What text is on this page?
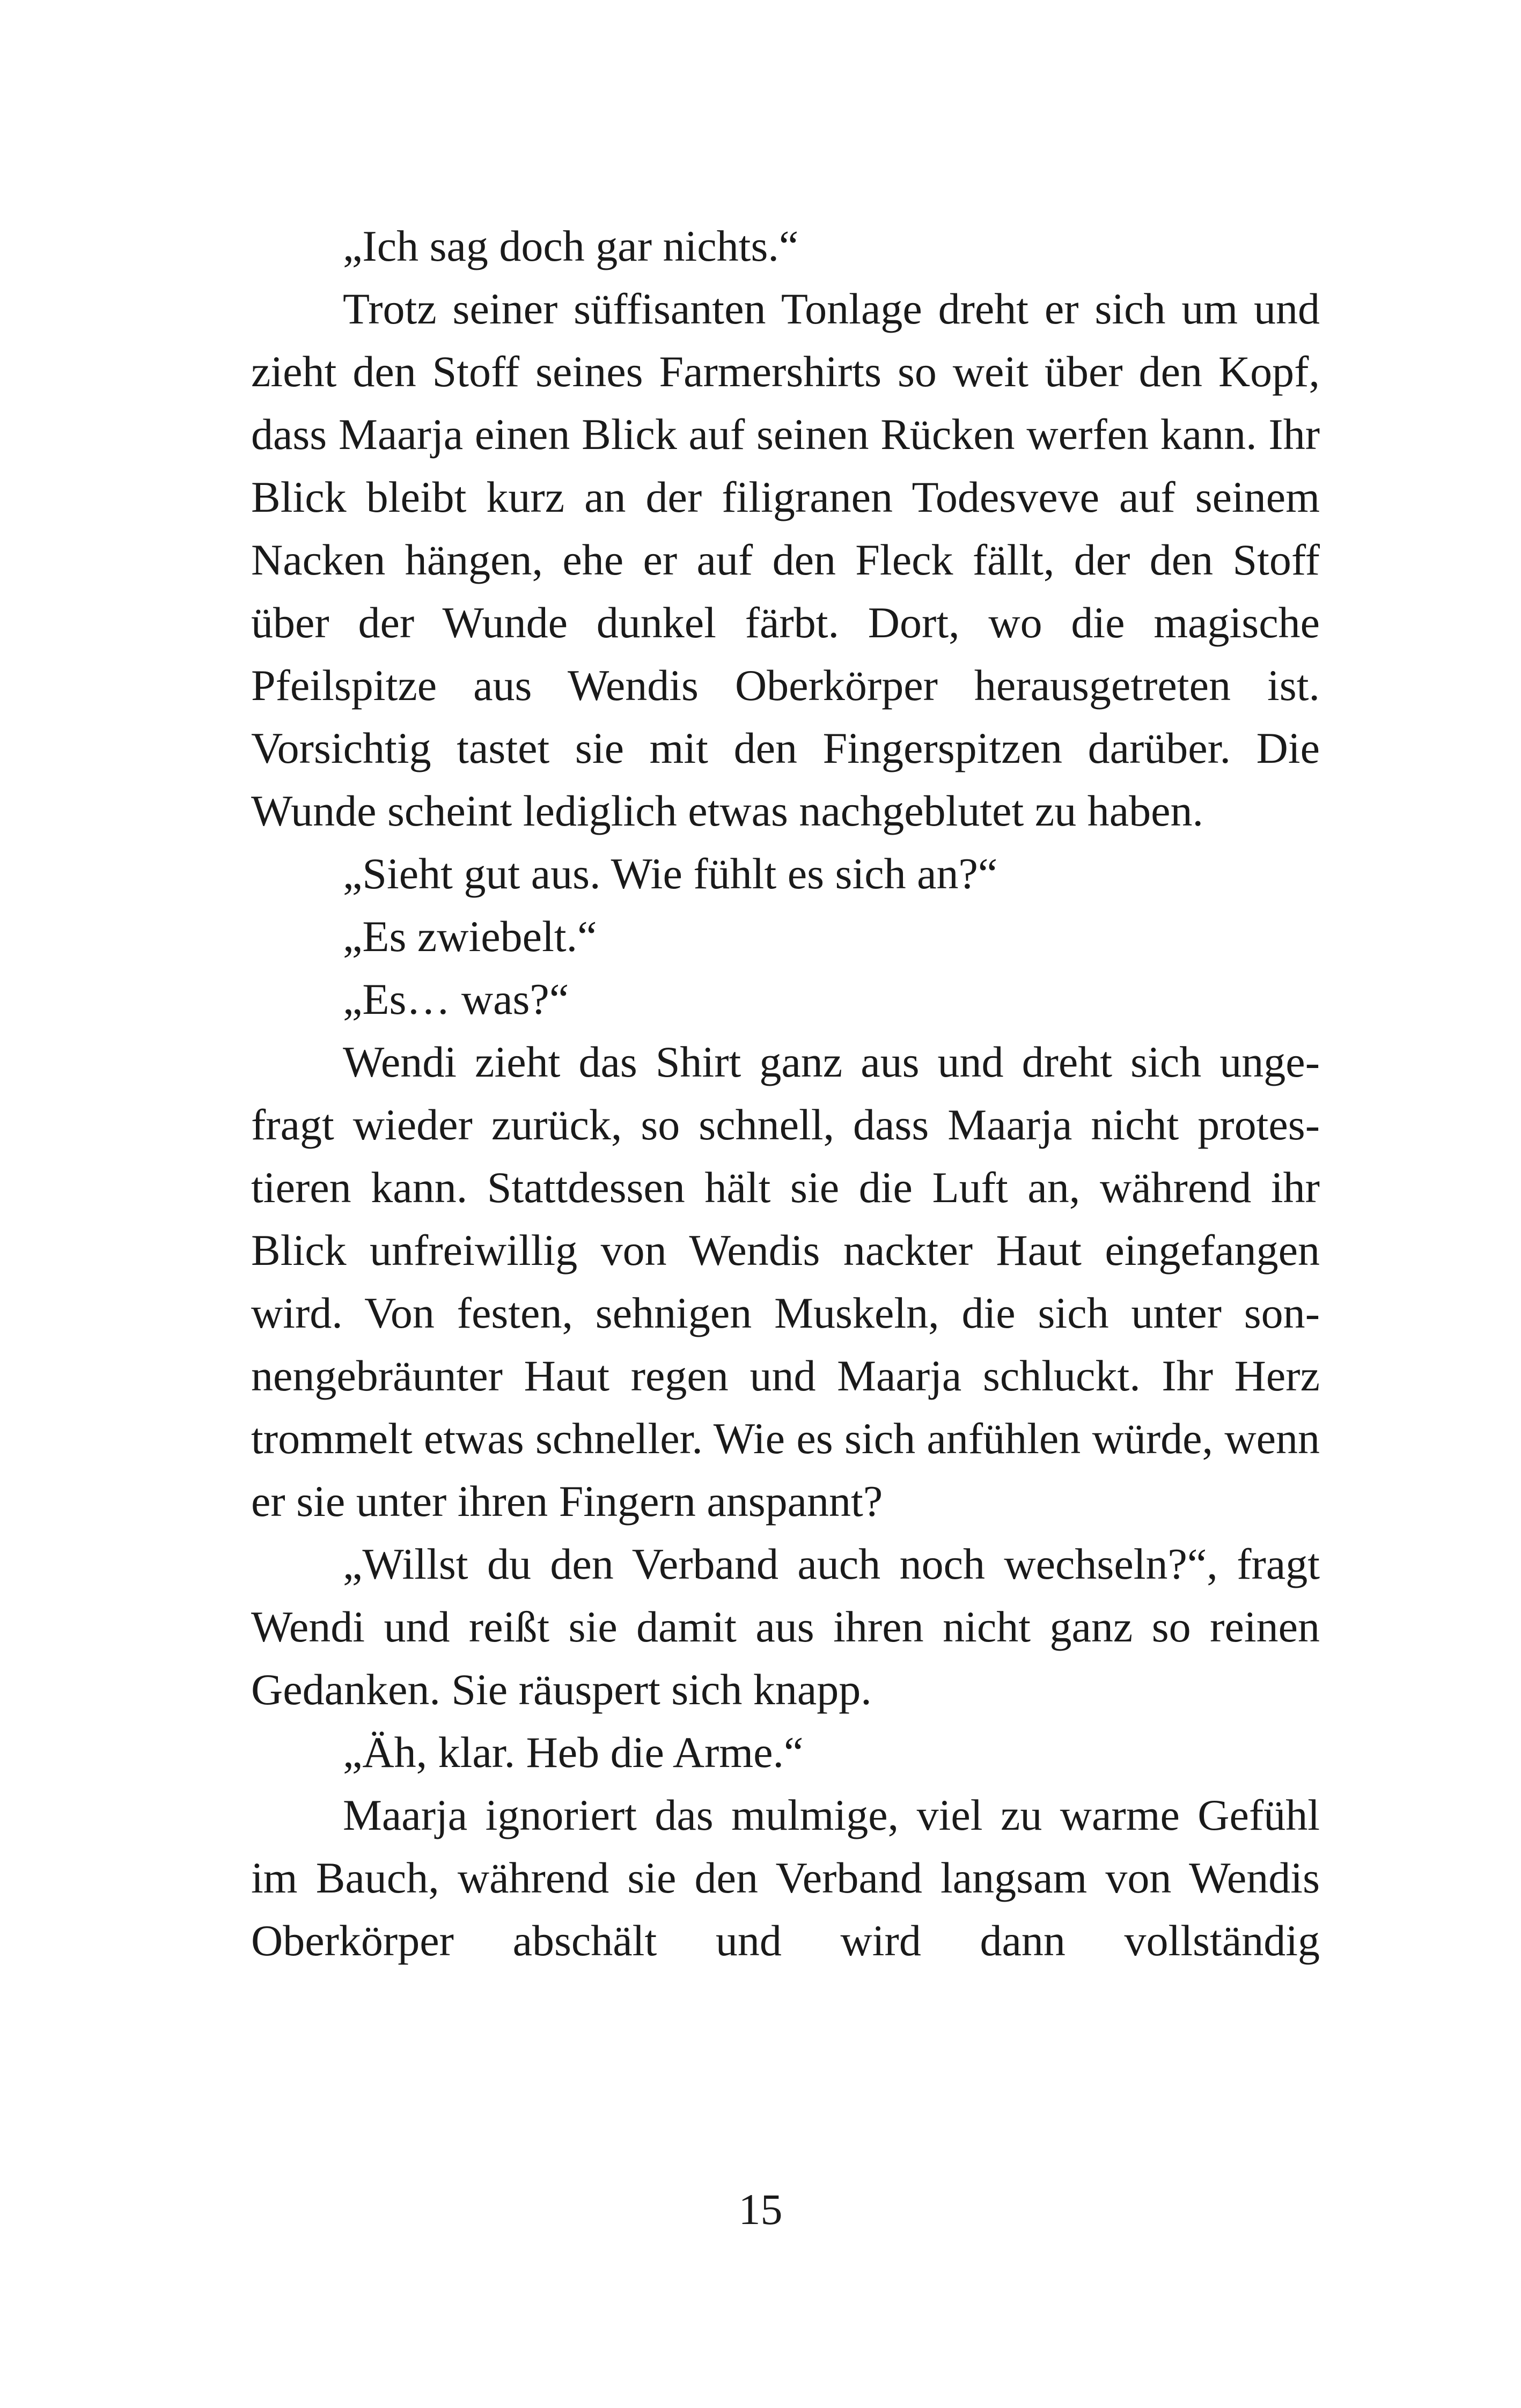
„Ich sag doch gar nichts.“

Trotz seiner süffisanten Tonlage dreht er sich um und zieht den Stoff seines Farmershirts so weit über den Kopf, dass Maarja einen Blick auf seinen Rücken werfen kann. Ihr Blick bleibt kurz an der filigranen Todesveve auf seinem Nacken hängen, ehe er auf den Fleck fällt, der den Stoff über der Wunde dunkel färbt. Dort, wo die magische Pfeilspitze aus Wendis Oberkörper herausgetreten ist. Vorsichtig tastet sie mit den Fingerspitzen darüber. Die Wunde scheint lediglich etwas nachgeblutet zu haben.

„Sieht gut aus. Wie fühlt es sich an?“

„Es zwiebelt.“

„Es… was?“

Wendi zieht das Shirt ganz aus und dreht sich ungefragt wieder zurück, so schnell, dass Maarja nicht protestieren kann. Stattdessen hält sie die Luft an, während ihr Blick unfreiwillig von Wendis nackter Haut eingefangen wird. Von festen, sehnigen Muskeln, die sich unter sonnengebräunter Haut regen und Maarja schluckt. Ihr Herz trommelt etwas schneller. Wie es sich anfühlen würde, wenn er sie unter ihren Fingern anspannt?

„Willst du den Verband auch noch wechseln?“, fragt Wendi und reißt sie damit aus ihren nicht ganz so reinen Gedanken. Sie räuspert sich knapp.

„Äh, klar. Heb die Arme.“

Maarja ignoriert das mulmige, viel zu warme Gefühl im Bauch, während sie den Verband langsam von Wendis Oberkörper abschält und wird dann vollständig

15
